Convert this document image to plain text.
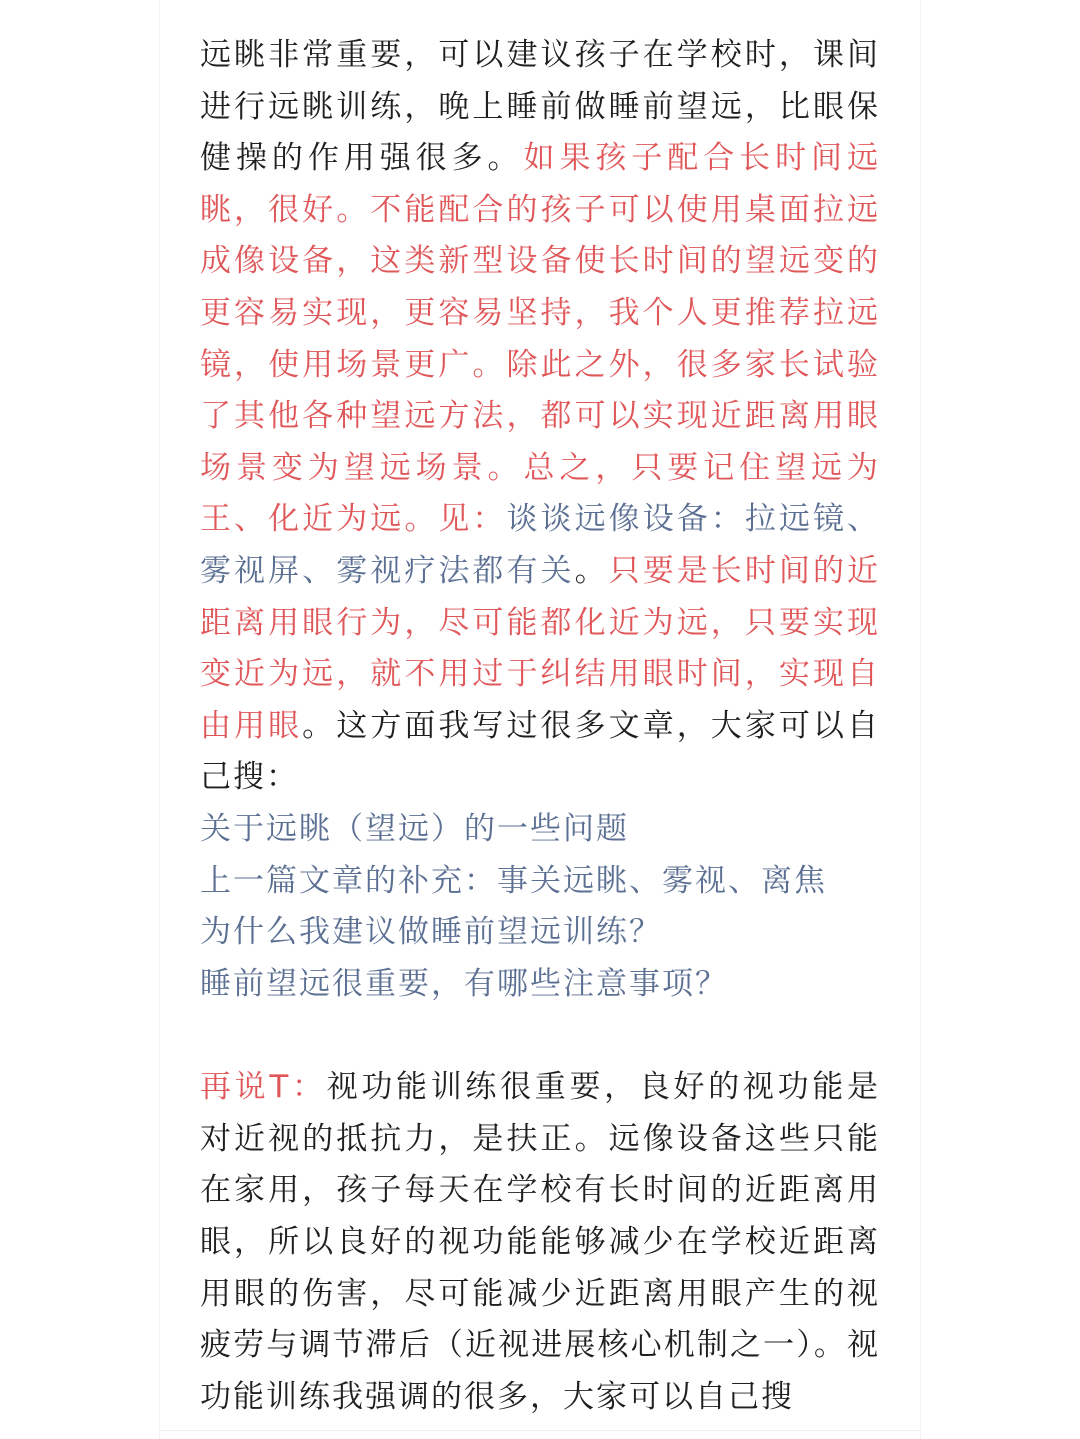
远眺非常重要，可以建议孩子在学校时，课间进行远眺训练，晚上睡前做睡前望远，比眼保健操的作用强很多。如果孩子配合长时间远眺，很好。不能配合的孩子可以使用桌面拉远成像设备，这类新型设备使长时间的望远变的更容易实现，更容易坚持，我个人更推荐拉远镜，使用场景更广。除此之外，很多家长试验了其他各种望远方法，都可以实现近距离用眼场景变为望远场景。总之，只要记住望远为王、化近为远。见：谈谈远像设备：拉远镜、雾视屏、雾视疗法都有关。只要是长时间的近距离用眼行为，尽可能都化近为远，只要实现变近为远，就不用过于纠结用眼时间，实现自由用眼。这方面我写过很多文章，大家可以自己搜：

关于远眺（望远）的一些问题
上一篇文章的补充：事关远眺、雾视、离焦
为什么我建议做睡前望远训练？
睡前望远很重要，有哪些注意事项？

再说T：视功能训练很重要，良好的视功能是对近视的抵抗力，是扶正。远像设备这些只能在家用，孩子每天在学校有长时间的近距离用眼，所以良好的视功能能够减少在学校近距离用眼的伤害，尽可能减少近距离用眼产生的视疲劳与调节滞后（近视进展核心机制之一）。视功能训练我强调的很多，大家可以自己搜
